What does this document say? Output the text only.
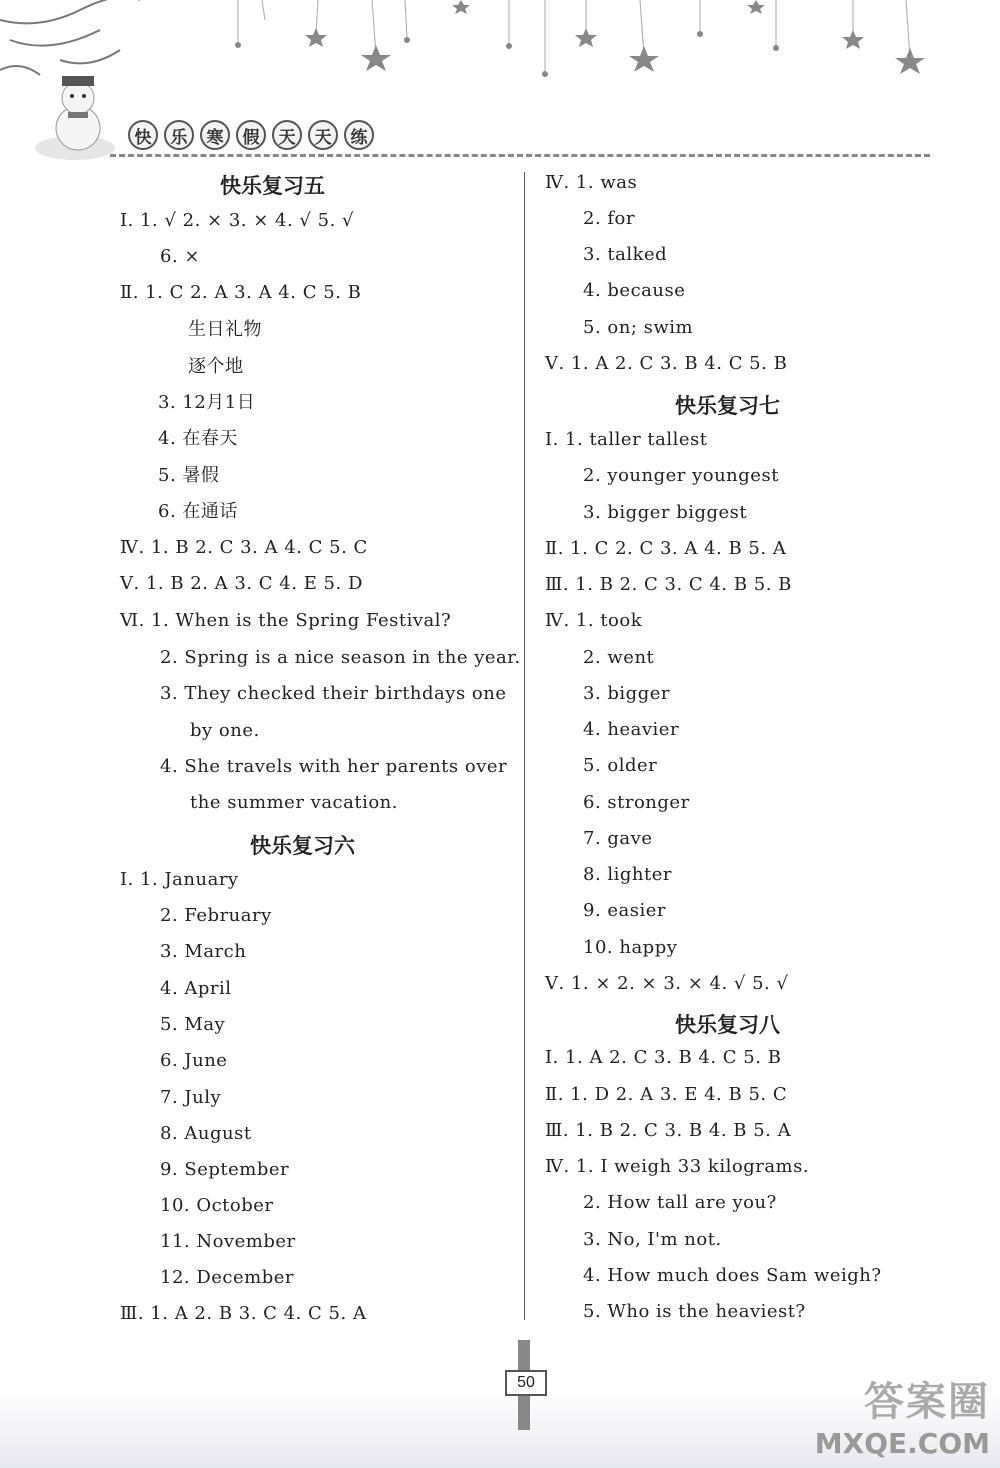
快	乐	寒	假	天	天	练
快乐复习五
Ⅰ. 1. √ 2. × 3. × 4. √ 5. √
6. ×
Ⅱ. 1. C 2. A 3. A 4. C 5. B
生日礼物
逐个地
3. 12月1日
4. 在春天
5. 暑假
6. 在通话
Ⅳ. 1. B 2. C 3. A 4. C 5. C
Ⅴ. 1. B 2. A 3. C 4. E 5. D
Ⅵ. 1. When is the Spring Festival?
2. Spring is a nice season in the year.
3. They checked their birthdays one
by one.
4. She travels with her parents over
the summer vacation.
快乐复习六
Ⅰ. 1. January
2. February
3. March
4. April
5. May
6. June
7. July
8. August
9. September
10. October
11. November
12. December
Ⅲ. 1. A 2. B 3. C 4. C 5. A
Ⅳ. 1. was
2. for
3. talked
4. because
5. on; swim
Ⅴ. 1. A 2. C 3. B 4. C 5. B
快乐复习七
Ⅰ. 1. taller tallest
2. younger youngest
3. bigger biggest
Ⅱ. 1. C 2. C 3. A 4. B 5. A
Ⅲ. 1. B 2. C 3. C 4. B 5. B
Ⅳ. 1. took
2. went
3. bigger
4. heavier
5. older
6. stronger
7. gave
8. lighter
9. easier
10. happy
Ⅴ. 1. × 2. × 3. × 4. √ 5. √
快乐复习八
Ⅰ. 1. A 2. C 3. B 4. C 5. B
Ⅱ. 1. D 2. A 3. E 4. B 5. C
Ⅲ. 1. B 2. C 3. B 4. B 5. A
Ⅳ. 1. I weigh 33 kilograms.
2. How tall are you?
3. No, I'm not.
4. How much does Sam weigh?
5. Who is the heaviest?
50	答案圈
MXQE.COM
